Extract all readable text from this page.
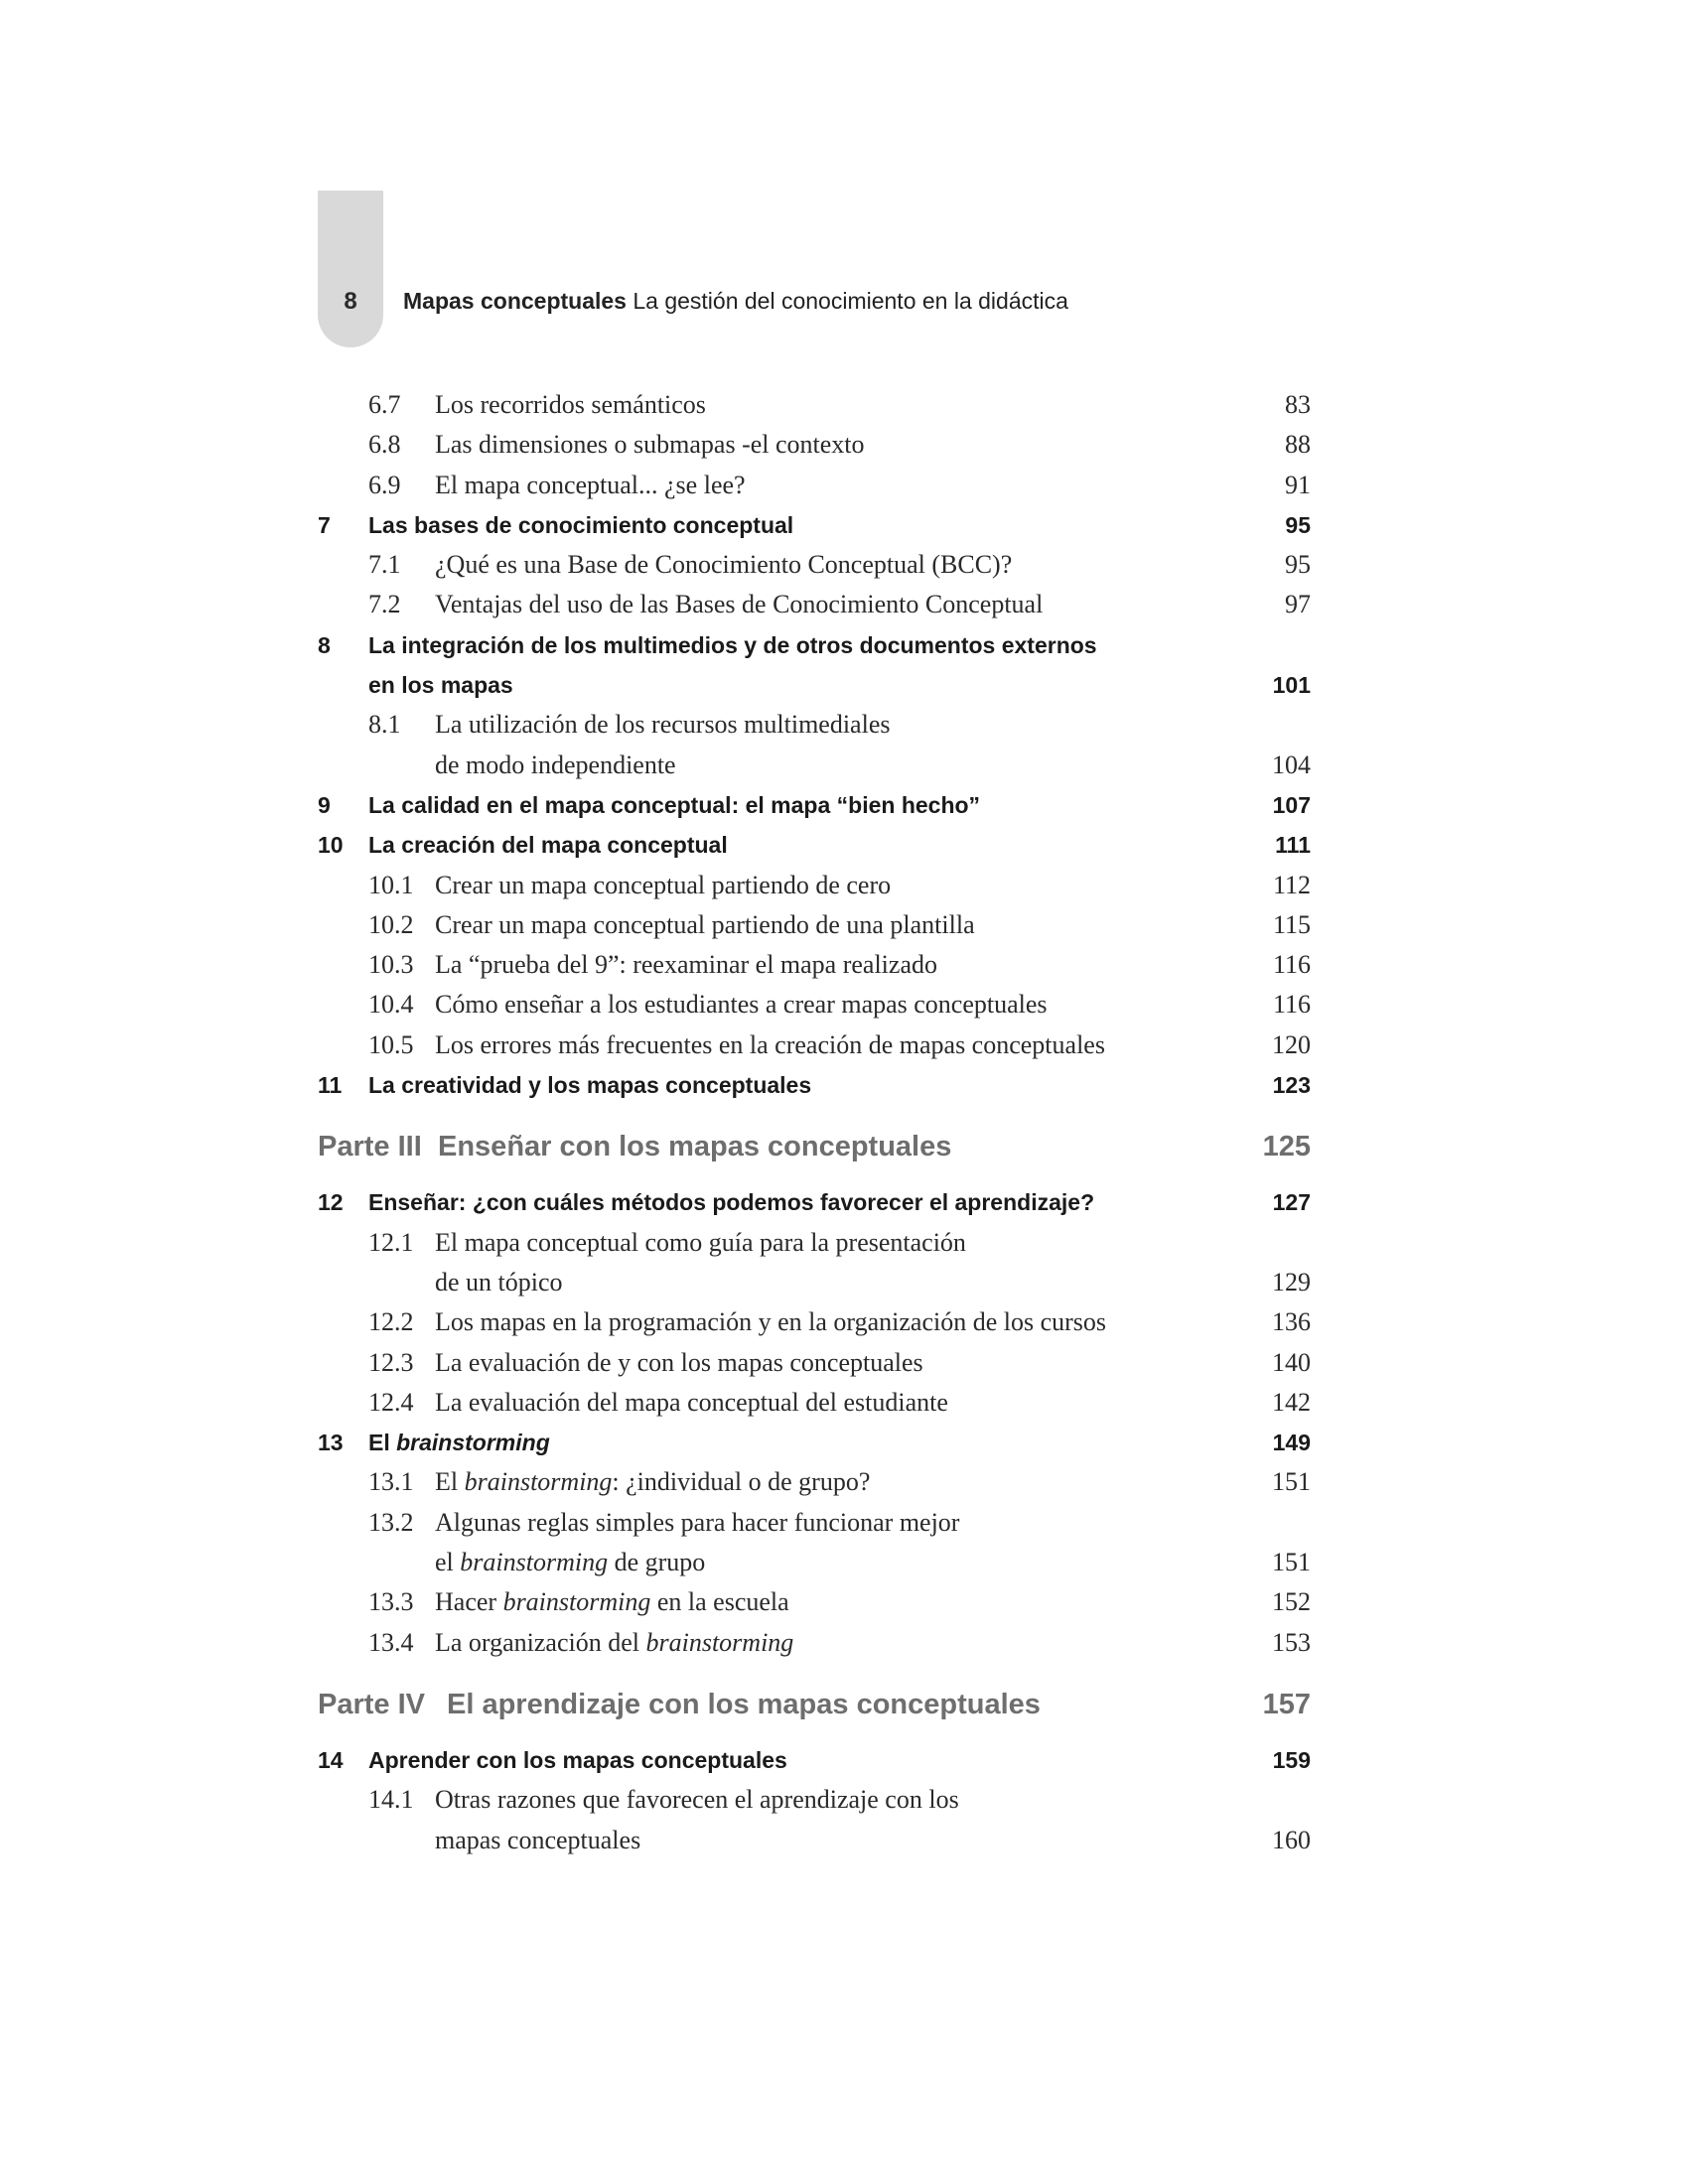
8	Mapas conceptuales La gestión del conocimiento en la didáctica
6.7 Los recorridos semánticos	83
6.8 Las dimensiones o submapas -el contexto	88
6.9 El mapa conceptual... ¿se lee?	91
7 Las bases de conocimiento conceptual	95
7.1 ¿Qué es una Base de Conocimiento Conceptual (BCC)?	95
7.2 Ventajas del uso de las Bases de Conocimiento Conceptual	97
8 La integración de los multimedios y de otros documentos externos
en los mapas	101
8.1 La utilización de los recursos multimediales
de modo independiente	104
9 La calidad en el mapa conceptual: el mapa “bien hecho”	107
10 La creación del mapa conceptual	111
10.1 Crear un mapa conceptual partiendo de cero	112
10.2 Crear un mapa conceptual partiendo de una plantilla	115
10.3 La “prueba del 9”: reexaminar el mapa realizado	116
10.4 Cómo enseñar a los estudiantes a crear mapas conceptuales	116
10.5 Los errores más frecuentes en la creación de mapas conceptuales	120
11 La creatividad y los mapas conceptuales	123
Parte III Enseñar con los mapas conceptuales	125
12 Enseñar: ¿con cuáles métodos podemos favorecer el aprendizaje?	127
12.1 El mapa conceptual como guía para la presentación
de un tópico	129
12.2 Los mapas en la programación y en la organización de los cursos	136
12.3 La evaluación de y con los mapas conceptuales	140
12.4 La evaluación del mapa conceptual del estudiante	142
13 El brainstorming	149
13.1 El brainstorming: ¿individual o de grupo?	151
13.2 Algunas reglas simples para hacer funcionar mejor
el brainstorming de grupo	151
13.3 Hacer brainstorming en la escuela	152
13.4 La organización del brainstorming	153
Parte IV El aprendizaje con los mapas conceptuales	157
14 Aprender con los mapas conceptuales	159
14.1 Otras razones que favorecen el aprendizaje con los
mapas conceptuales	160
